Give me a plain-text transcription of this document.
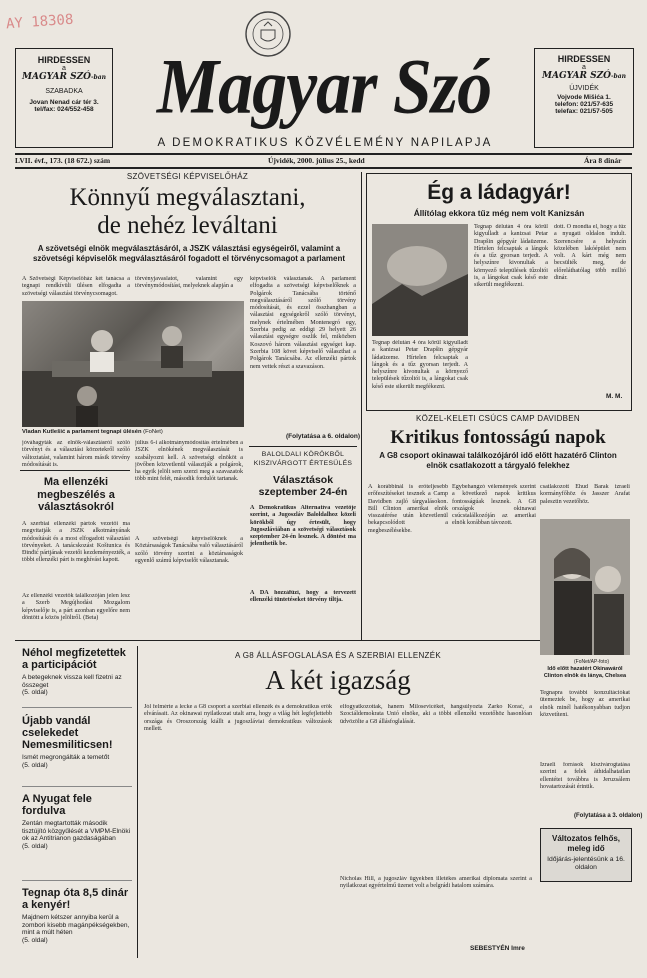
AY 18308
HIRDESSEN
a
MAGYAR SZÓ-ban
SZABADKA
Jovan Nenad cár tér 3.
tel/fax: 024/552-458
HIRDESSEN
a
MAGYAR SZÓ-ban
ÚJVIDÉK
Vojvode Mišića 1.
telefon: 021/57-635
telefax: 021/57-505
Magyar Szó
A DEMOKRATIKUS KÖZVÉLEMÉNY NAPILAPJA
LVII. évf., 173. (18 672.) szám	Újvidék, 2000. július 25., kedd	Ára 8 dinár
SZÖVETSÉGI KÉPVISELŐHÁZ
Könnyű megválasztani,
de nehéz leváltani
A szövetségi elnök megválasztásáról, a JSZK választási egységeiről, valamint a szövetségi képviselők megválasztásáról fogadott el törvénycsomagot a parlament
A Szövetségi Képviselőház két tanácsa a tegnapi rendkívüli ülésen elfogadta a szövetségi választási törvénycsomagot.
törvényjavaslatot, valamint egy törvénymódosítást, melyeknek alapján a
képviselők választanak. A parlament elfogadta a szövetségi képviselőknek a Polgárok Tanácsába történő megválasztásáról szóló törvény módosítását, és ezzel összhangban a választási egységekről szóló törvényt, melynek értelmében Montenegró egy, Szerbia pedig az eddigi 29 helyett 26 választási egységre oszlik fel, miközben Koszovó három választási egységet kap. Szerbia 108 követ képviselő választhat a Polgárok Tanácsába. Az ellenzéki pártok nem vettek részt a szavazáson.
(Folytatása a 6. oldalon)
Vladan Kutlešić a parlament tegnapi ülésén (FoNet)
jóváhagyták az elnök-választásról szóló törvényt és a választási körzetekről szóló változtatást, valamint három másik törvény módosítását is.
július 6-i alkotmánymódosítás értelmében a JSZK elnökének megválasztását is szabályozni kell. A szövetségi elnököt a jövőben közvetlenül választják a polgárok, ha egyik jelölt sem szerzi meg a szavazatok több mint felét, második fordulót tartanak.
A szövetségi képviselőknek a Köztársaságok Tanácsába való választásáról szóló törvény szerint a köztársaságok egyenlő számú képviselőt választanak.
Ma ellenzéki megbeszélés a választásokról
A szerbiai ellenzéki pártok vezetői ma megvitatják a JSZK alkotmányának módosítását és a most elfogadott választási törvényeket. A tanácskozást Koštunica és Đinđić pártjának vezetői kezdeményezték, a többi ellenzéki párt is meghívást kapott.
Az ellenzéki vezetők találkozóján jelen lesz a Szerb Megújhodási Mozgalom képviselője is, a párt azonban egyelőre nem döntött a közös jelöltről. (Beta)
BALOLDALI KÖRÖKBŐL
KISZIVÁRGOTT ÉRTESÜLÉS
Választások
szeptember 24-én
A Demokratikus Alternatíva vezetője szerint, a Jugoszláv Baloldalhoz közeli körökből úgy értesült, hogy Jugoszláviában a szövetségi választások szeptember 24-én lesznek. A döntést ma jelenthetik be.
A DA hozzáfűzi, hogy a tervezett ellenzéki tüntetéseket törvény tiltja.
Ég a ládagyár!
Állítólag ekkora tűz még nem volt Kanizsán
Tegnap délután 4 óra körül kigyulladt a kanizsai Petar Drapšin gépgyár ládaüzeme. Hírtelen felcsaptak a lángok és a tűz gyorsan terjedt. A helyszínre kivonultak a környező települések tűzoltói is, a lángokat csak késő este sikerült megfékezni.
Tegnap délután 4 óra körül kigyulladt a kanizsai Petar Drapšin gépgyár ládaüzeme. Hírtelen felcsaptak a lángok és a tűz gyorsan terjedt. A helyszínre kivonultak a környező települések tűzoltói is, a lángokat csak késő este sikerült megfékezni.
dott. Ó mondta el, hogy a tűz a nyugati oldalon indult. Szerencsére a helyszín közelében lakóépület nem volt. A kárt még nem becsülték meg, de előreláthatólag több millió dinár.
M. M.
KÖZEL-KELETI CSÚCS CAMP DAVIDBEN
Kritikus fontosságú napok
A G8 csoport okinawai találkozójáról idő előtt hazatérő Clinton elnök csatlakozott a tárgyaló felekhez
A korábbinál is erőteljesebb erőfeszítéseket tesznek a Camp Davidben zajló tárgyalásokon. Bill Clinton amerikai elnök visszatérése után közvetlenül bekapcsolódott a megbeszélésekbe.
Egybehangzó vélemények szerint a következő napok kritikus fontosságúak lesznek. A G8 országok okinawai csúcstalálkozóján az amerikai elnök korábban távozott.
csatlakozott Ehud Barak izraeli kormányfőhöz és Jasszer Arafat palesztin vezetőhöz.
(FoNet/AP-foto)
Idő előtt hazatért Okinawáról Clinton elnök és lánya, Chelsea
Tegnapra további konzultációkat ütemeztek be, hogy az amerikai elnök minél hatékonyabban tudjon közvetíteni.
Izraeli források kiszivárogtatása szerint a felek áthidalhatatlan ellentétei továbbra is Jeruzsálem hovatartozását érintik.
(Folytatása a 3. oldalon)
Néhol megfizetettek a participációt
A betegeknek vissza kell fizetni az összeget
(5. oldal)
Újabb vandál cselekedet Nemesmiliticsen!
Ismét megrongálták a temetőt
(5. oldal)
A Nyugat fele fordulva
Zentán megtartották második tisztújító közgyűlését a VMPM-Elnöki ok az Antitrianon gazdaságában
(5. oldal)
Tegnap óta 8,5 dinár a kenyér!
Majdnem kétszer annyiba kerül a zombori kisebb magánpékségekben, mint a múlt héten
(5. oldal)
A G8 ÁLLÁSFOGLALÁSA ÉS A SZERBIAI ELLENZÉK
A két igazság
Jól felmérte a lecke a G8 csoport a szerbiai ellenzék és a demokratikus erők elvárásait. Az okinawai nyilatkozat utalt arra, hogy a világ hét legfejlettebb országa és Oroszország kiállt a jugoszláviai demokratikus változások mellett.
elfogyatkozottak, hanem Milosevicéket, hangsúlyozta Žarko Korać, a Szociáldemokrata Unió elnöke, aki a többi ellenzéki vezetőhöz hasonlóan üdvözölte a G8 állásfoglalását.
Nicholas Hill, a jugoszláv ügyekben illetékes amerikai diplomata szerint a nyilatkozat egyértelmű üzenet volt a belgrádi hatalom számára.
SEBESTYÉN Imre
Változatos felhős, meleg idő
Időjárás-jelentésünk a 16. oldalon
